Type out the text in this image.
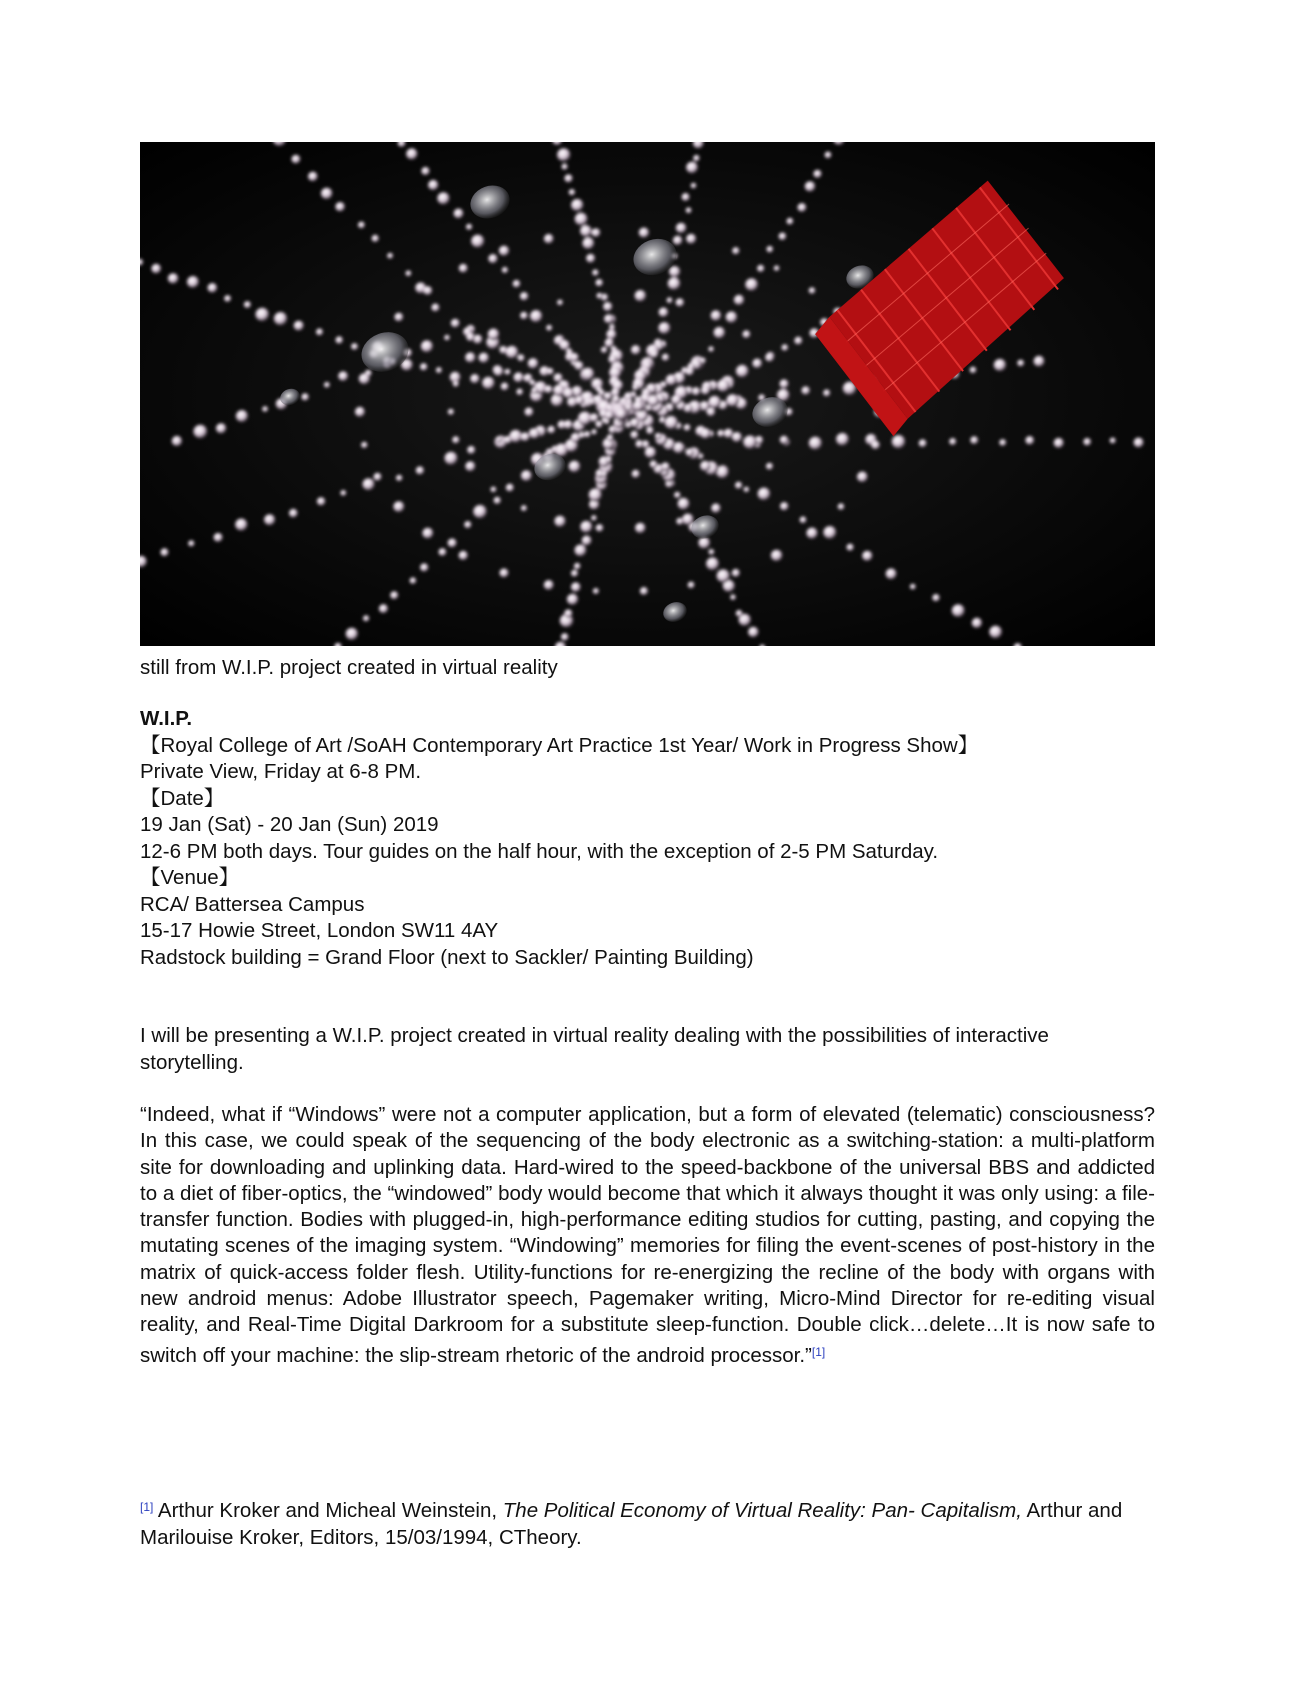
still from W.I.P. project created in virtual reality
W.I.P.
【Royal College of Art /SoAH Contemporary Art Practice 1st Year/ Work in Progress Show】
Private View, Friday at 6-8 PM.
【Date】
19 Jan (Sat) - 20 Jan (Sun) 2019
12-6 PM both days. Tour guides on the half hour, with the exception of 2-5 PM Saturday.
【Venue】
RCA/ Battersea Campus
15-17 Howie Street, London SW11 4AY
Radstock building = Grand Floor (next to Sackler/ Painting Building)
I will be presenting a W.I.P. project created in virtual reality dealing with the possibilities of interactive storytelling.
“Indeed, what if “Windows” were not a computer application, but a form of elevated (telematic) consciousness? In this case, we could speak of the sequencing of the body electronic as a switching-station: a multi-platform site for downloading and uplinking data. Hard-wired to the speed-backbone of the universal BBS and addicted to a diet of fiber-optics, the “windowed” body would become that which it always thought it was only using: a file-transfer function. Bodies with plugged-in, high-performance editing studios for cutting, pasting, and copying the mutating scenes of the imaging system. “Windowing” memories for filing the event-scenes of post-history in the matrix of quick-access folder flesh. Utility-functions for re-energizing the recline of the body with organs with new android menus: Adobe Illustrator speech, Pagemaker writing, Micro-Mind Director for re-editing visual reality, and Real-Time Digital Darkroom for a substitute sleep-function. Double click…delete…It is now safe to switch off your machine: the slip-stream rhetoric of the android processor.”[1]
[1] Arthur Kroker and Micheal Weinstein, The Political Economy of Virtual Reality: Pan- Capitalism, Arthur and Marilouise Kroker, Editors, 15/03/1994, CTheory.
